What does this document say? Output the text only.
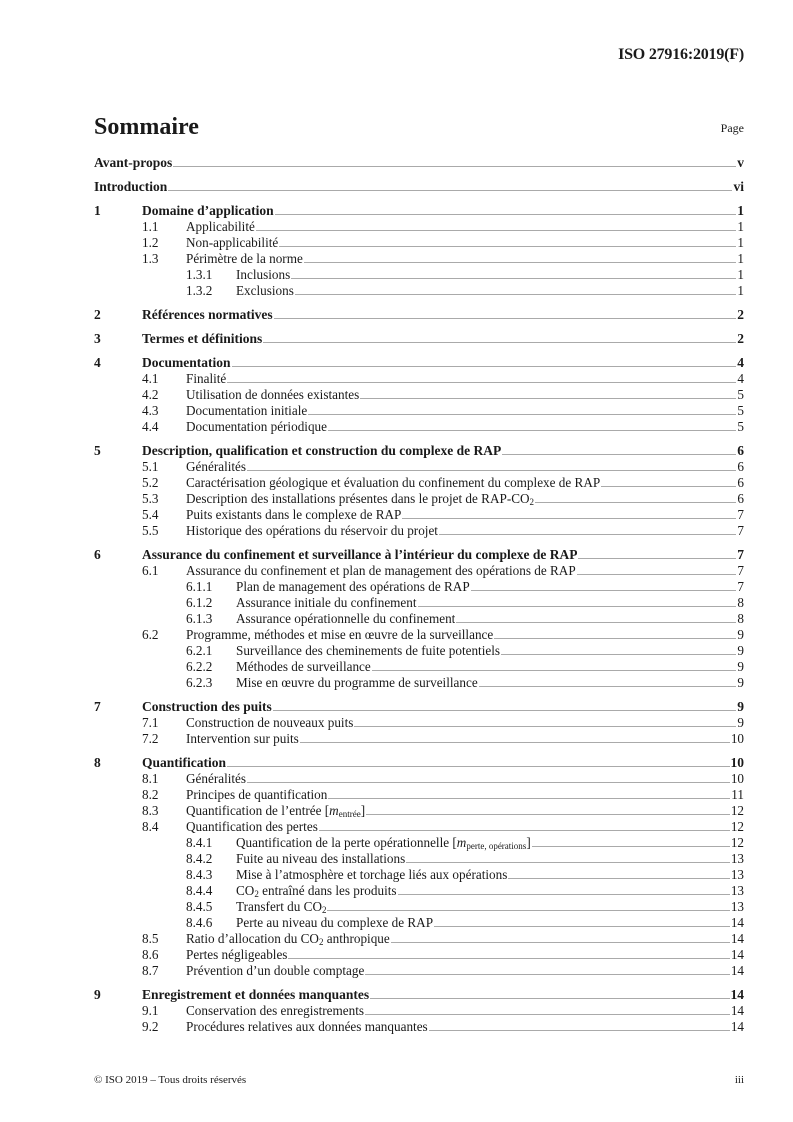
ISO 27916:2019(F)
Sommaire	Page
Avant-propos	v
Introduction	vi
1	Domaine d’application	1
1.1	Applicabilité	1
1.2	Non-applicabilité	1
1.3	Périmètre de la norme	1
1.3.1	Inclusions	1
1.3.2	Exclusions	1
2	Références normatives	2
3	Termes et définitions	2
4	Documentation	4
4.1	Finalité	4
4.2	Utilisation de données existantes	5
4.3	Documentation initiale	5
4.4	Documentation périodique	5
5	Description, qualification et construction du complexe de RAP	6
5.1	Généralités	6
5.2	Caractérisation géologique et évaluation du confinement du complexe de RAP	6
5.3	Description des installations présentes dans le projet de RAP-$CO_2$	6
5.4	Puits existants dans le complexe de RAP	7
5.5	Historique des opérations du réservoir du projet	7
6	Assurance du confinement et surveillance à l’intérieur du complexe de RAP	7
6.1	Assurance du confinement et plan de management des opérations de RAP	7
6.1.1	Plan de management des opérations de RAP	7
6.1.2	Assurance initiale du confinement	8
6.1.3	Assurance opérationnelle du confinement	8
6.2	Programme, méthodes et mise en œuvre de la surveillance	9
6.2.1	Surveillance des cheminements de fuite potentiels	9
6.2.2	Méthodes de surveillance	9
6.2.3	Mise en œuvre du programme de surveillance	9
7	Construction des puits	9
7.1	Construction de nouveaux puits	9
7.2	Intervention sur puits	10
8	Quantification	10
8.1	Généralités	10
8.2	Principes de quantification	11
8.3	Quantification de l’entrée $[m_{entrée}]$	12
8.4	Quantification des pertes	12
8.4.1	Quantification de la perte opérationnelle $[m_{perte, opérations}]$	12
8.4.2	Fuite au niveau des installations	13
8.4.3	Mise à l’atmosphère et torchage liés aux opérations	13
8.4.4	$CO_2$ entraîné dans les produits	13
8.4.5	Transfert du $CO_2$	13
8.4.6	Perte au niveau du complexe de RAP	14
8.5	Ratio d’allocation du $CO_2$ anthropique	14
8.6	Pertes négligeables	14
8.7	Prévention d’un double comptage	14
9	Enregistrement et données manquantes	14
9.1	Conservation des enregistrements	14
9.2	Procédures relatives aux données manquantes	14
© ISO 2019 – Tous droits réservés	iii
